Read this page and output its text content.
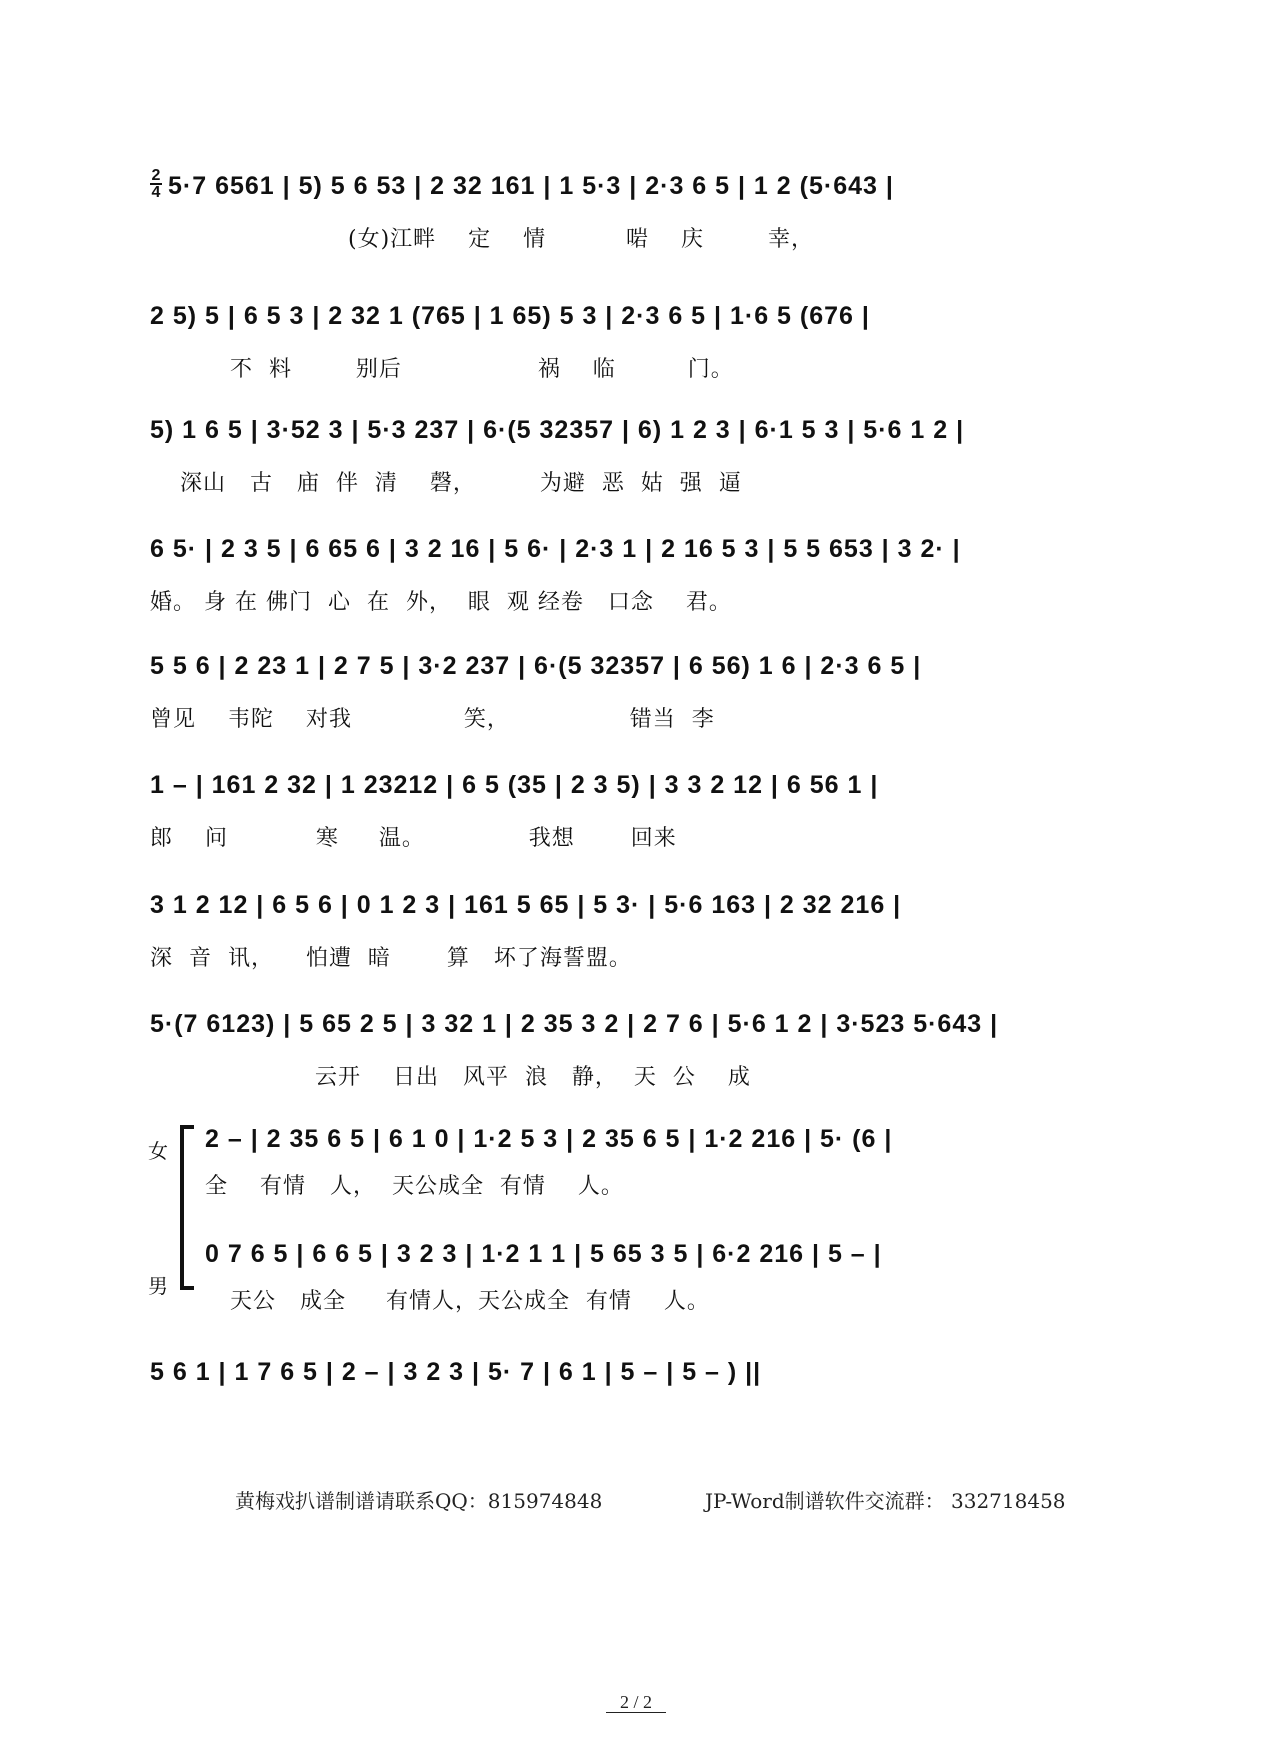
2
4 5·7 6561 | 5) 5 6 53 | 2 32 161 | 1 5·3 | 2·3 6 5 | 1 2 (5·643 |
(女)江畔    定    情          啱    庆        幸，
2 5) 5 | 6 5 3 | 2 32 1 (765 | 1 65) 5 3 | 2·3 6 5 | 1·6 5 (676 |
不  料        别后                 祸    临         门。
5) 1 6 5 | 3·52 3 | 5·3 237 | 6·(5 32357 | 6) 1 2 3 | 6·1 5 3 | 5·6 1 2 |
深山   古   庙  伴  清    磬，        为避  恶  姑  强  逼
6 5· | 2 3 5 | 6 65 6 | 3 2 16 | 5 6· | 2·3 1 | 2 16 5 3 | 5 5 653 | 3 2· |
婚。 身 在 佛门  心  在  外，  眼  观 经卷   口念    君。
5 5 6 | 2 23 1 | 2 7 5 | 3·2 237 | 6·(5 32357 | 6 56) 1 6 | 2·3 6 5 |
曾见    韦陀    对我              笑，               错当  李
1 – | 161 2 32 | 1 23212 | 6 5 (35 | 2 3 5) | 3 3 2 12 | 6 56 1 |
郎    问           寒     温。             我想       回来
3 1 2 12 | 6 5 6 | 0 1 2 3 | 161 5 65 | 5 3· | 5·6 163 | 2 32 216 |
深  音  讯，    怕遭  暗       算   坏了海誓盟。
5·(7 6123) | 5 65 2 5 | 3 32 1 | 2 35 3 2 | 2 7 6 | 5·6 1 2 | 3·523 5·643 |
云开    日出   风平  浪   静，  天  公    成
女
男
2 – | 2 35 6 5 | 6 1 0 | 1·2 5 3 | 2 35 6 5 | 1·2 216 | 5· (6 |
全    有情   人，  天公成全  有情    人。
0 7 6 5 | 6 6 5 | 3 2 3 | 1·2 1 1 | 5 65 3 5 | 6·2 216 | 5 – |
天公   成全     有情人，天公成全  有情    人。
5 6 1 | 1 7 6 5 | 2 – | 3 2 3 | 5· 7 | 6 1 | 5 – | 5 – ) ||
黄梅戏扒谱制谱请联系QQ：815974848	JP-Word制谱软件交流群： 332718458
2 / 2
